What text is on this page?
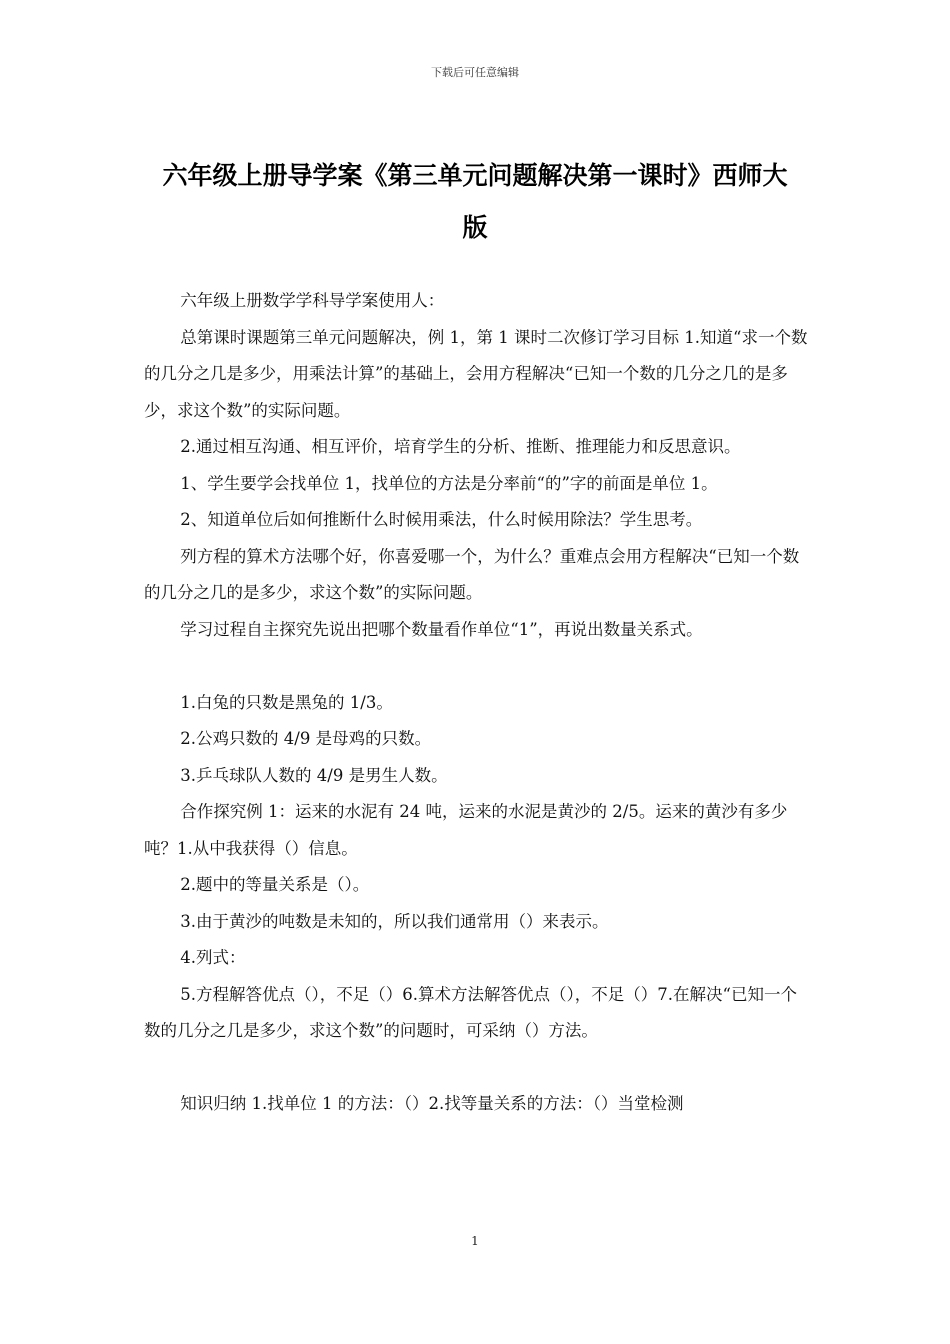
下载后可任意编辑
六年级上册导学案《第三单元问题解决第一课时》西师大
版

六年级上册数学学科导学案使用人：

总第课时课题第三单元问题解决，例 1，第 1 课时二次修订学习目标 1.知道“求一个数的几分之几是多少，用乘法计算”的基础上，会用方程解决“已知一个数的几分之几的是多少，求这个数”的实际问题。

2.通过相互沟通、相互评价，培育学生的分析、推断、推理能力和反思意识。

1、学生要学会找单位 1，找单位的方法是分率前“的”字的前面是单位 1。

2、知道单位后如何推断什么时候用乘法，什么时候用除法？学生思考。

列方程的算术方法哪个好，你喜爱哪一个，为什么？重难点会用方程解决“已知一个数的几分之几的是多少，求这个数”的实际问题。

学习过程自主探究先说出把哪个数量看作单位“1”，再说出数量关系式。

1.白兔的只数是黑兔的 1/3。

2.公鸡只数的 4/9 是母鸡的只数。

3.乒乓球队人数的 4/9 是男生人数。

合作探究例 1：运来的水泥有 24 吨，运来的水泥是黄沙的 2/5。运来的黄沙有多少吨？1.从中我获得（）信息。

2.题中的等量关系是（）。

3.由于黄沙的吨数是未知的，所以我们通常用（）来表示。

4.列式：

5.方程解答优点（），不足（）6.算术方法解答优点（），不足（）7.在解决“已知一个数的几分之几是多少，求这个数”的问题时，可采纳（）方法。

知识归纳 1.找单位 1 的方法：（）2.找等量关系的方法：（）当堂检测

1
